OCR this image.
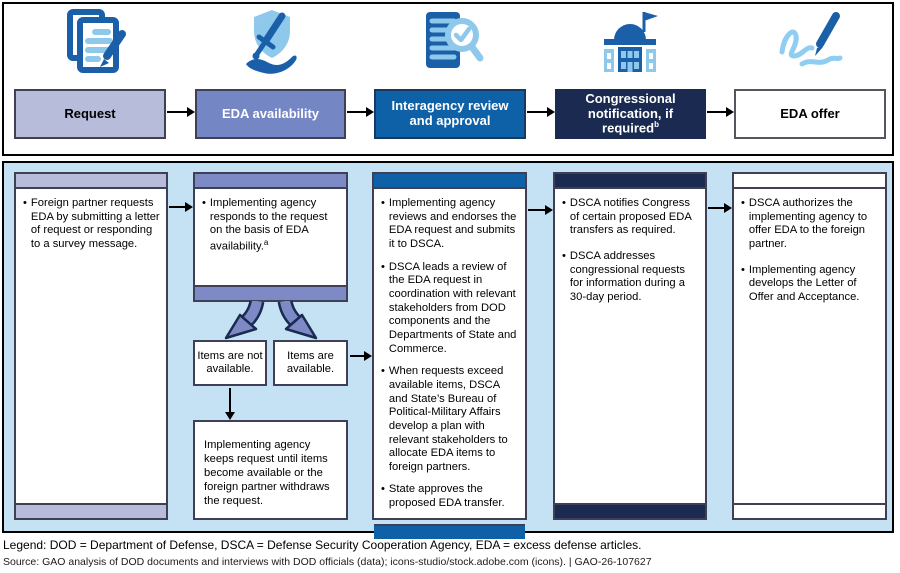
Request	EDA availability	Interagency review and approval
Congressional notification, if required$^b$
EDA offer
• Foreign partner requests EDA by submitting a letter of request or responding to a survey message.
• Implementing agency responds to the request on the basis of EDA availability.$^a$
Items are not available.
Items are available.
Implementing agency keeps request until items become available or the foreign partner withdraws the request.
• Implementing agency reviews and endorses the EDA request and submits it to DSCA.
• DSCA leads a review of the EDA request in coordination with relevant stakeholders from DOD components and the Departments of State and Commerce.
• When requests exceed available items, DSCA and State’s Bureau of Political-Military Affairs develop a plan with relevant stakeholders to allocate EDA items to foreign partners.
• State approves the proposed EDA transfer.
• DSCA notifies Congress of certain proposed EDA transfers as required.
• DSCA addresses congressional requests for information during a 30-day period.
• DSCA authorizes the implementing agency to offer EDA to the foreign partner.
• Implementing agency develops the Letter of Offer and Acceptance.
Legend: DOD = Department of Defense, DSCA = Defense Security Cooperation Agency, EDA = excess defense articles.
Source: GAO analysis of DOD documents and interviews with DOD officials (data); icons-studio/stock.adobe.com (icons). | GAO-26-107627
